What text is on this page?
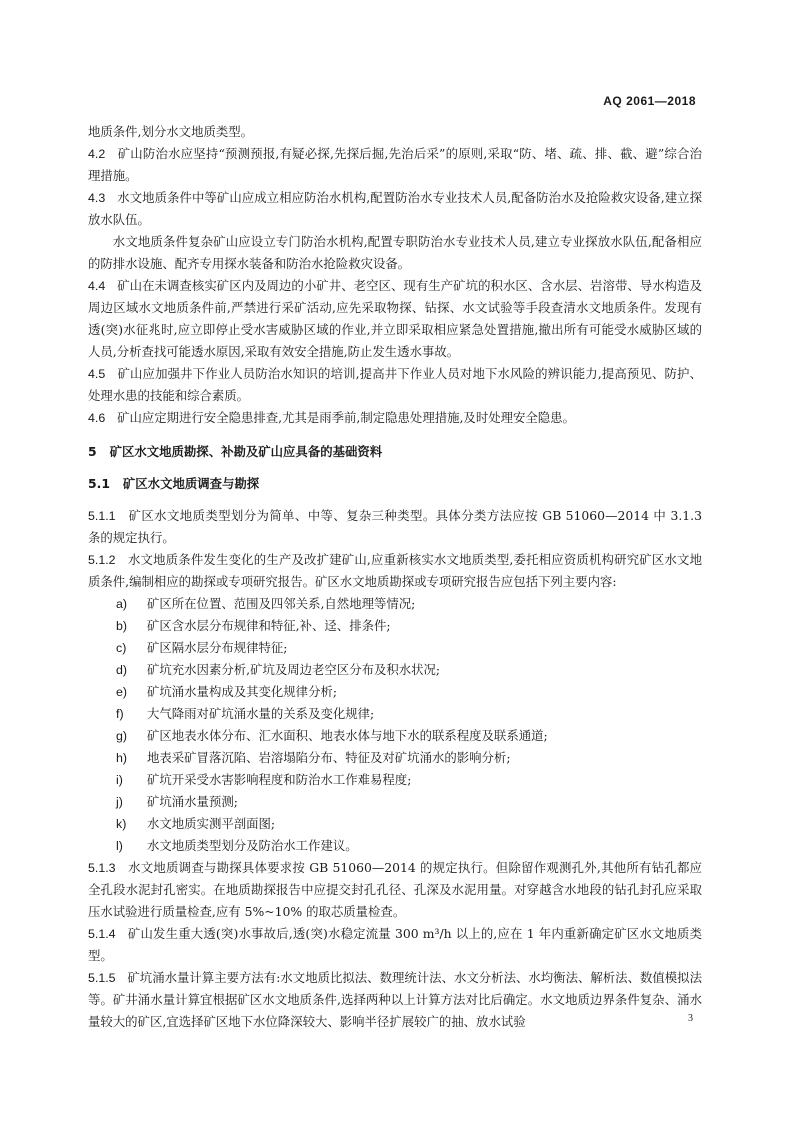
AQ 2061—2018

地质条件,划分水文地质类型。

4.2 矿山防治水应坚持“预测预报,有疑必探,先探后掘,先治后采”的原则,采取“防、堵、疏、排、截、避”综合治理措施。

4.3 水文地质条件中等矿山应成立相应防治水机构,配置防治水专业技术人员,配备防治水及抢险救灾设备,建立探放水队伍。

水文地质条件复杂矿山应设立专门防治水机构,配置专职防治水专业技术人员,建立专业探放水队伍,配备相应的防排水设施、配齐专用探水装备和防治水抢险救灾设备。

4.4 矿山在未调查核实矿区内及周边的小矿井、老空区、现有生产矿坑的积水区、含水层、岩溶带、导水构造及周边区域水文地质条件前,严禁进行采矿活动,应先采取物探、钻探、水文试验等手段查清水文地质条件。发现有透(突)水征兆时,应立即停止受水害威胁区域的作业,并立即采取相应紧急处置措施,撤出所有可能受水威胁区域的人员,分析查找可能透水原因,采取有效安全措施,防止发生透水事故。

4.5 矿山应加强井下作业人员防治水知识的培训,提高井下作业人员对地下水风险的辨识能力,提高预见、防护、处理水患的技能和综合素质。

4.6 矿山应定期进行安全隐患排查,尤其是雨季前,制定隐患处理措施,及时处理安全隐患。

5 矿区水文地质勘探、补勘及矿山应具备的基础资料

5.1 矿区水文地质调查与勘探

5.1.1 矿区水文地质类型划分为简单、中等、复杂三种类型。具体分类方法应按 GB 51060—2014 中 3.1.3 条的规定执行。

5.1.2 水文地质条件发生变化的生产及改扩建矿山,应重新核实水文地质类型,委托相应资质机构研究矿区水文地质条件,编制相应的勘探或专项研究报告。矿区水文地质勘探或专项研究报告应包括下列主要内容:

a)	矿区所在位置、范围及四邻关系,自然地理等情况;
b)	矿区含水层分布规律和特征,补、迳、排条件;
c)	矿区隔水层分布规律特征;
d)	矿坑充水因素分析,矿坑及周边老空区分布及积水状况;
e)	矿坑涌水量构成及其变化规律分析;
f)	大气降雨对矿坑涌水量的关系及变化规律;
g)	矿区地表水体分布、汇水面积、地表水体与地下水的联系程度及联系通道;
h)	地表采矿冒落沉陷、岩溶塌陷分布、特征及对矿坑涌水的影响分析;
i)	矿坑开采受水害影响程度和防治水工作难易程度;
j)	矿坑涌水量预测;
k)	水文地质实测平剖面图;
l)	水文地质类型划分及防治水工作建议。

5.1.3 水文地质调查与勘探具体要求按 GB 51060—2014 的规定执行。但除留作观测孔外,其他所有钻孔都应全孔段水泥封孔密实。在地质勘探报告中应提交封孔孔径、孔深及水泥用量。对穿越含水地段的钻孔封孔应采取压水试验进行质量检查,应有 5%~10% 的取芯质量检查。

5.1.4 矿山发生重大透(突)水事故后,透(突)水稳定流量 300 m³/h 以上的,应在 1 年内重新确定矿区水文地质类型。

5.1.5 矿坑涌水量计算主要方法有:水文地质比拟法、数理统计法、水文分析法、水均衡法、解析法、数值模拟法等。矿井涌水量计算宜根据矿区水文地质条件,选择两种以上计算方法对比后确定。水文地质边界条件复杂、涌水量较大的矿区,宜选择矿区地下水位降深较大、影响半径扩展较广的抽、放水试验	3
